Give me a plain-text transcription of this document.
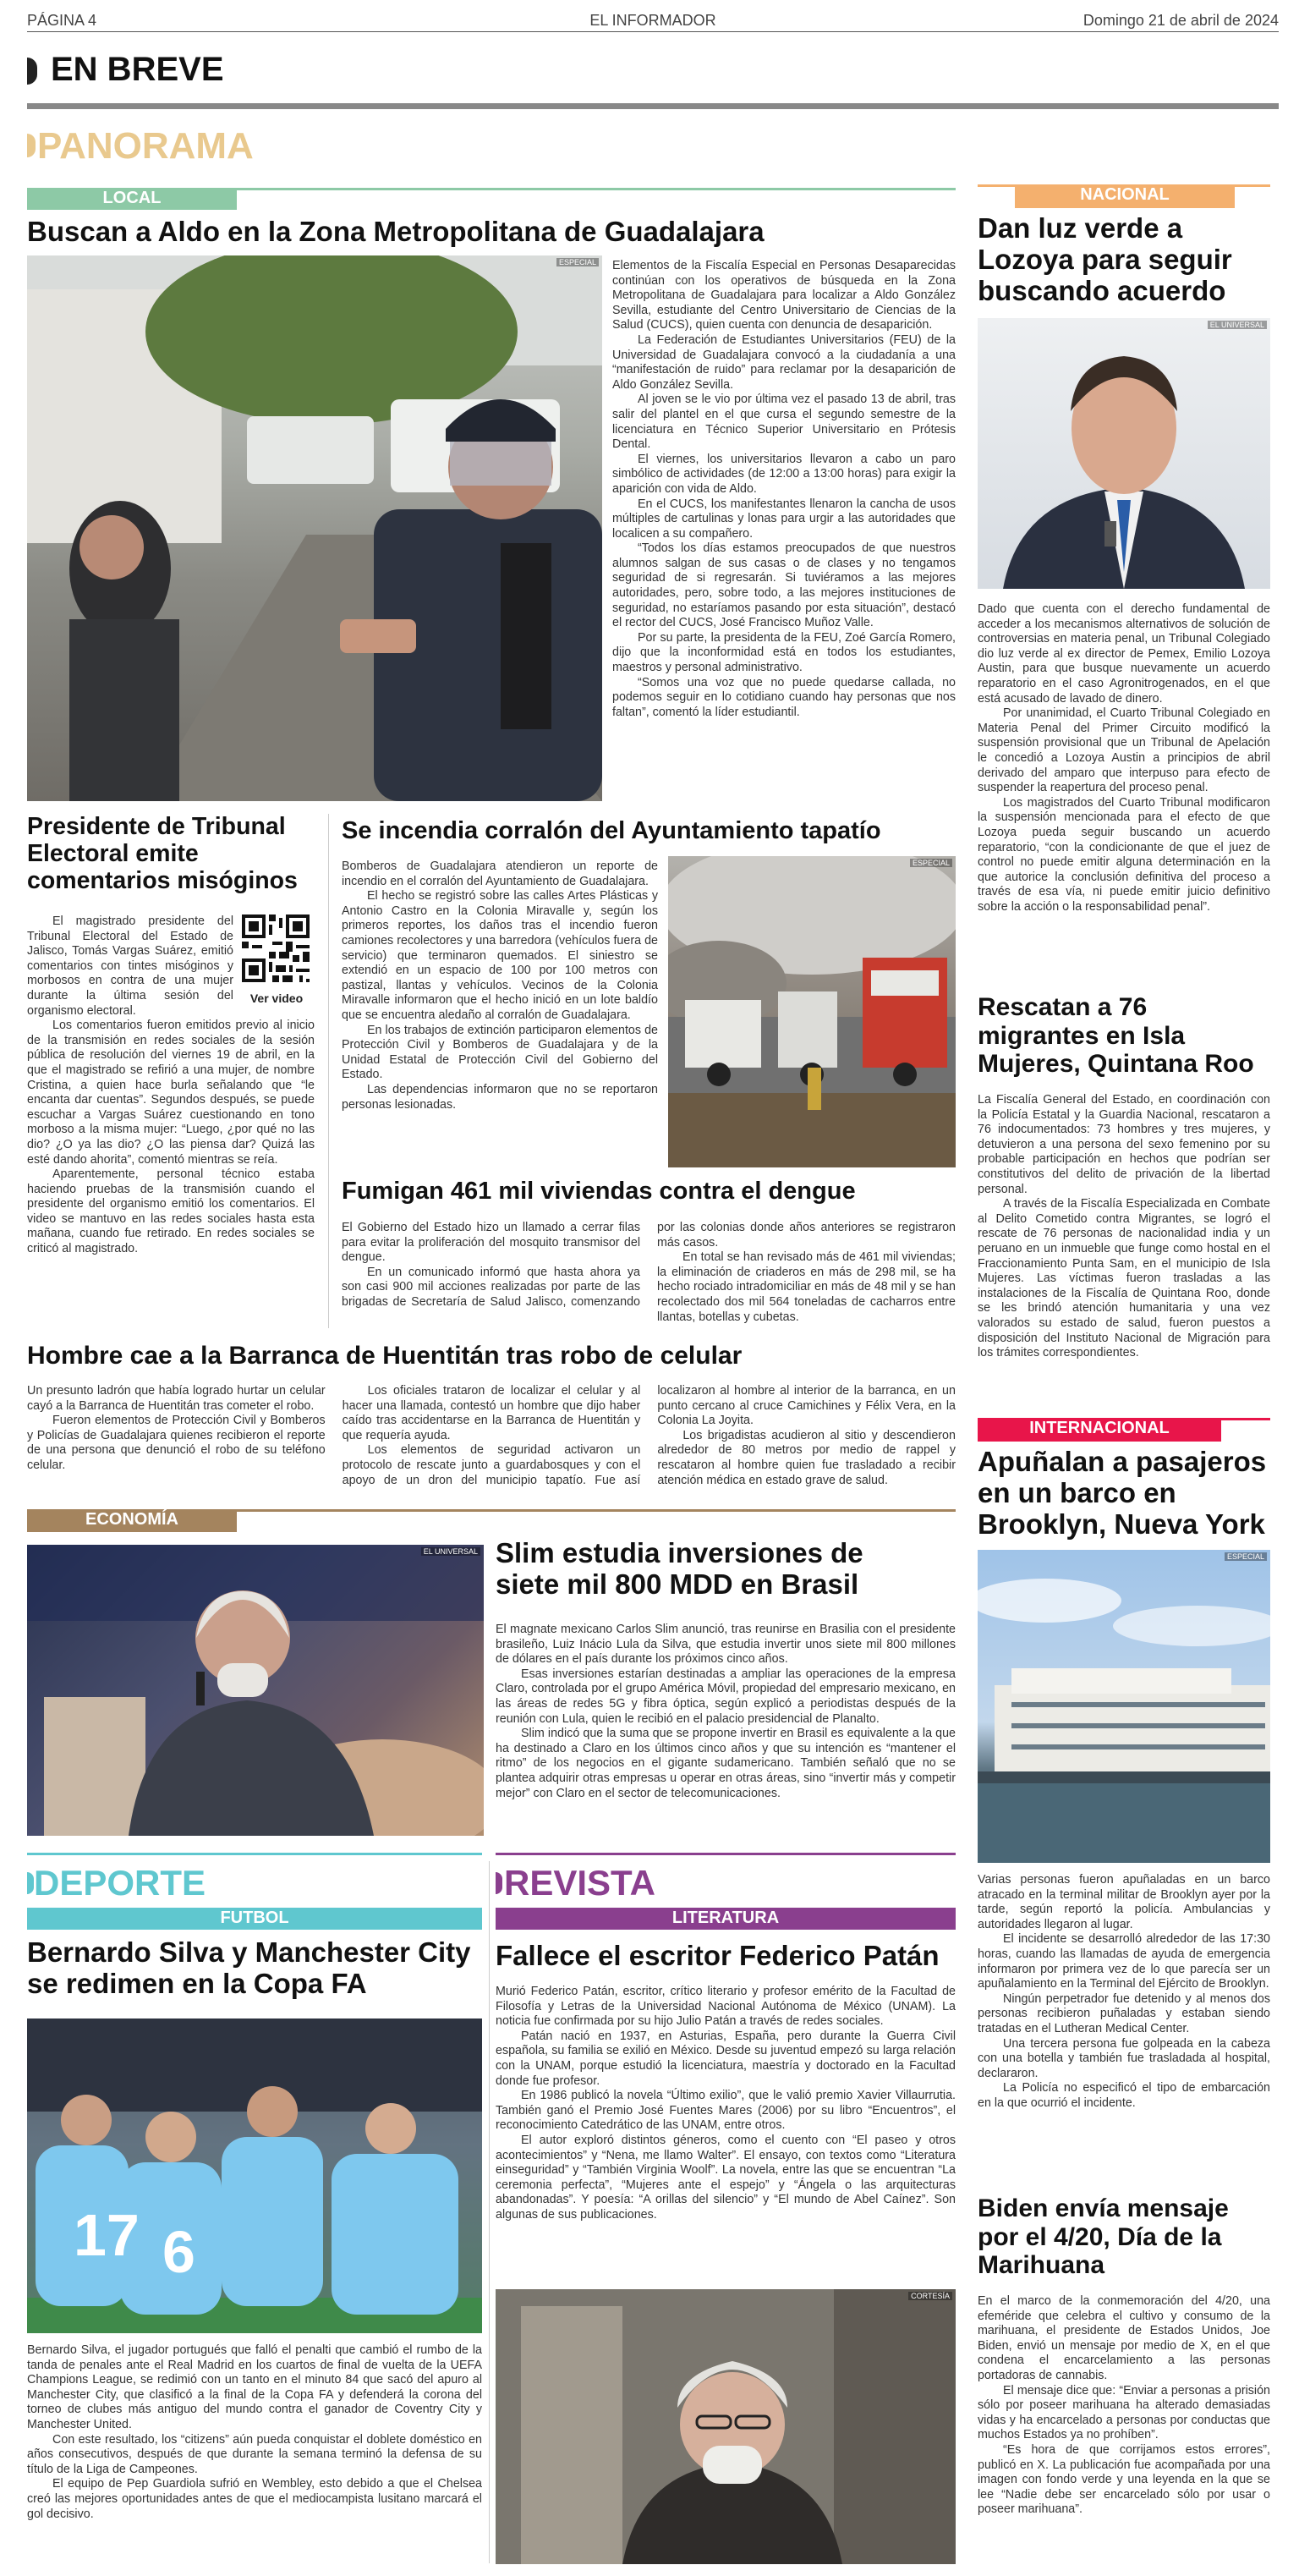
PÁGINA 4	EL INFORMADOR	Domingo 21 de abril de 2024
EN BREVE
PANORAMA
LOCAL
Buscan a Aldo en la Zona Metropolitana de Guadalajara
ESPECIAL Elementos de la Fiscalía Especial en Personas Desaparecidas continúan con los operativos de búsqueda en la Zona Metropolitana de Guadalajara para localizar a Aldo González Sevilla, estudiante del Centro Universitario de Ciencias de la Salud (CUCS), quien cuenta con denuncia de desaparición.

La Federación de Estudiantes Universitarios (FEU) de la Universidad de Guadalajara convocó a la ciudadanía a una “manifestación de ruido” para reclamar por la desaparición de Aldo González Sevilla.

Al joven se le vio por última vez el pasado 13 de abril, tras salir del plantel en el que cursa el segundo semestre de la licenciatura en Técnico Superior Universitario en Prótesis Dental.

El viernes, los universitarios llevaron a cabo un paro simbólico de actividades (de 12:00 a 13:00 horas) para exigir la aparición con vida de Aldo.

En el CUCS, los manifestantes llenaron la cancha de usos múltiples de cartulinas y lonas para urgir a las autoridades que localicen a su compañero.

“Todos los días estamos preocupados de que nuestros alumnos salgan de sus casas o de clases y no tengamos seguridad de si regresarán. Si tuviéramos a las mejores autoridades, pero, sobre todo, a las mejores instituciones de seguridad, no estaríamos pasando por esta situación”, destacó el rector del CUCS, José Francisco Muñoz Valle.

Por su parte, la presidenta de la FEU, Zoé García Romero, dijo que la inconformidad está en todos los estudiantes, maestros y personal administrativo.

“Somos una voz que no puede quedarse callada, no podemos seguir en lo cotidiano cuando hay personas que nos faltan”, comentó la líder estudiantil.

Presidente de Tribunal Electoral emite comentarios misóginos
Ver video

El magistrado presidente del Tribunal Electoral del Estado de Jalisco, Tomás Vargas Suárez, emitió comentarios con tintes misóginos y morbosos en contra de una mujer durante la última sesión del organismo electoral.

Los comentarios fueron emitidos previo al inicio de la transmisión en redes sociales de la sesión pública de resolución del viernes 19 de abril, en la que el magistrado se refirió a una mujer, de nombre Cristina, a quien hace burla señalando que “le encanta dar cuentas”. Segundos después, se puede escuchar a Vargas Suárez cuestionando en tono morboso a la misma mujer: “Luego, ¿por qué no las dio? ¿O ya las dio? ¿O las piensa dar? Quizá las esté dando ahorita”, comentó mientras se reía.

Aparentemente, personal técnico estaba haciendo pruebas de la transmisión cuando el presidente del organismo emitió los comentarios. El video se mantuvo en las redes sociales hasta esta mañana, cuando fue retirado. En redes sociales se criticó al magistrado.

Se incendia corralón del Ayuntamiento tapatío
ESPECIAL

Bomberos de Guadalajara atendieron un reporte de incendio en el corralón del Ayuntamiento de Guadalajara.

El hecho se registró sobre las calles Artes Plásticas y Antonio Castro en la Colonia Miravalle y, según los primeros reportes, los daños tras el incendio fueron camiones recolectores y una barredora (vehículos fuera de servicio) que terminaron quemados. El siniestro se extendió en un espacio de 100 por 100 metros con pastizal, llantas y vehículos. Vecinos de la Colonia Miravalle informaron que el hecho inició en un lote baldío que se encuentra aledaño al corralón de Guadalajara.

En los trabajos de extinción participaron elementos de Protección Civil y Bomberos de Guadalajara y de la Unidad Estatal de Protección Civil del Gobierno del Estado.

Las dependencias informaron que no se reportaron personas lesionadas.

Fumigan 461 mil viviendas contra el dengue

El Gobierno del Estado hizo un llamado a cerrar filas para evitar la proliferación del mosquito transmisor del dengue.

En un comunicado informó que hasta ahora ya son casi 900 mil acciones realizadas por parte de las brigadas de Secretaría de Salud Jalisco, comenzando por las colonias donde años anteriores se registraron más casos.

En total se han revisado más de 461 mil viviendas; la eliminación de criaderos en más de 298 mil, se ha hecho rociado intradomiciliar en más de 48 mil y se han recolectado dos mil 564 toneladas de cacharros entre llantas, botellas y cubetas.

Hombre cae a la Barranca de Huentitán tras robo de celular

Un presunto ladrón que había logrado hurtar un celular cayó a la Barranca de Huentitán tras cometer el robo.

Fueron elementos de Protección Civil y Bomberos y Policías de Guadalajara quienes recibieron el reporte de una persona que denunció el robo de su teléfono celular.

Los oficiales trataron de localizar el celular y al hacer una llamada, contestó un hombre que dijo haber caído tras accidentarse en la Barranca de Huentitán y que requería ayuda.

Los elementos de seguridad activaron un protocolo de rescate junto a guardabosques y con el apoyo de un dron del municipio tapatío. Fue así localizaron al hombre al interior de la barranca, en un punto cercano al cruce Camichines y Félix Vera, en la Colonia La Joyita.

Los brigadistas acudieron al sitio y descendieron alrededor de 80 metros por medio de rappel y rescataron al hombre quien fue trasladado a recibir atención médica en estado grave de salud.

ECONOMÍA
EL UNIVERSAL Slim estudia inversiones de siete mil 800 MDD en Brasil

El magnate mexicano Carlos Slim anunció, tras reunirse en Brasilia con el presidente brasileño, Luiz Inácio Lula da Silva, que estudia invertir unos siete mil 800 millones de dólares en el país durante los próximos cinco años.

Esas inversiones estarían destinadas a ampliar las operaciones de la empresa Claro, controlada por el grupo América Móvil, propiedad del empresario mexicano, en las áreas de redes 5G y fibra óptica, según explicó a periodistas después de la reunión con Lula, quien le recibió en el palacio presidencial de Planalto.

Slim indicó que la suma que se propone invertir en Brasil es equivalente a la que ha destinado a Claro en los últimos cinco años y que su intención es “mantener el ritmo” de los negocios en el gigante sudamericano. También señaló que no se plantea adquirir otras empresas u operar en otras áreas, sino “invertir más y competir mejor” con Claro en el sector de telecomunicaciones.

DEPORTE
FUTBOL
Bernardo Silva y Manchester City se redimen en la Copa FA
17 6

Bernardo Silva, el jugador portugués que falló el penalti que cambió el rumbo de la tanda de penales ante el Real Madrid en los cuartos de final de vuelta de la UEFA Champions League, se redimió con un tanto en el minuto 84 que sacó del apuro al Manchester City, que clasificó a la final de la Copa FA y defenderá la corona del torneo de clubes más antiguo del mundo contra el ganador de Coventry City y Manchester United.

Con este resultado, los “citizens” aún pueda conquistar el doblete doméstico en años consecutivos, después de que durante la semana terminó la defensa de su título de la Liga de Campeones.

El equipo de Pep Guardiola sufrió en Wembley, esto debido a que el Chelsea creó las mejores oportunidades antes de que el mediocampista lusitano marcará el gol decisivo.

REVISTA
LITERATURA
Fallece el escritor Federico Patán

Murió Federico Patán, escritor, crítico literario y profesor emérito de la Facultad de Filosofía y Letras de la Universidad Nacional Autónoma de México (UNAM). La noticia fue confirmada por su hijo Julio Patán a través de redes sociales.

Patán nació en 1937, en Asturias, España, pero durante la Guerra Civil española, su familia se exilió en México. Desde su juventud empezó su larga relación con la UNAM, porque estudió la licenciatura, maestría y doctorado en la Facultad donde fue profesor.

En 1986 publicó la novela “Último exilio”, que le valió premio Xavier Villaurrutia. También ganó el Premio José Fuentes Mares (2006) por su libro “Encuentros”, el reconocimiento Catedrático de las UNAM, entre otros.

El autor exploró distintos géneros, como el cuento con “El paseo y otros acontecimientos” y “Nena, me llamo Walter”. El ensayo, con textos como “Literatura einseguridad” y “También Virginia Woolf”. La novela, entre las que se encuentran “La ceremonia perfecta”, “Mujeres ante el espejo” y “Ángela o las arquitecturas abandonadas”. Y poesía: “A orillas del silencio” y “El mundo de Abel Caínez”. Son algunas de sus publicaciones.

CORTESÍA
NACIONAL
Dan luz verde a Lozoya para seguir buscando acuerdo
EL UNIVERSAL

Dado que cuenta con el derecho fundamental de acceder a los mecanismos alternativos de solución de controversias en materia penal, un Tribunal Colegiado dio luz verde al ex director de Pemex, Emilio Lozoya Austin, para que busque nuevamente un acuerdo reparatorio en el caso Agronitrogenados, en el que está acusado de lavado de dinero.

Por unanimidad, el Cuarto Tribunal Colegiado en Materia Penal del Primer Circuito modificó la suspensión provisional que un Tribunal de Apelación le concedió a Lozoya Austin a principios de abril derivado del amparo que interpuso para efecto de suspender la reapertura del proceso penal.

Los magistrados del Cuarto Tribunal modificaron la suspensión mencionada para el efecto de que Lozoya pueda seguir buscando un acuerdo reparatorio, “con la condicionante de que el juez de control no puede emitir alguna determinación en la que autorice la conclusión definitiva del proceso a través de esa vía, ni puede emitir juicio definitivo sobre la acción o la responsabilidad penal”.

Rescatan a 76 migrantes en Isla Mujeres, Quintana Roo

La Fiscalía General del Estado, en coordinación con la Policía Estatal y la Guardia Nacional, rescataron a 76 indocumentados: 73 hombres y tres mujeres, y detuvieron a una persona del sexo femenino por su probable participación en hechos que podrían ser constitutivos del delito de privación de la libertad personal.

A través de la Fiscalía Especializada en Combate al Delito Cometido contra Migrantes, se logró el rescate de 76 personas de nacionalidad india y un peruano en un inmueble que funge como hostal en el Fraccionamiento Punta Sam, en el municipio de Isla Mujeres. Las víctimas fueron trasladas a las instalaciones de la Fiscalía de Quintana Roo, donde se les brindó atención humanitaria y una vez valorados su estado de salud, fueron puestos a disposición del Instituto Nacional de Migración para los trámites correspondientes.

INTERNACIONAL
Apuñalan a pasajeros en un barco en Brooklyn, Nueva York
ESPECIAL

Varias personas fueron apuñaladas en un barco atracado en la terminal militar de Brooklyn ayer por la tarde, según reportó la policía. Ambulancias y autoridades llegaron al lugar.

El incidente se desarrolló alrededor de las 17:30 horas, cuando las llamadas de ayuda de emergencia informaron por primera vez de lo que parecía ser un apuñalamiento en la Terminal del Ejército de Brooklyn.

Ningún perpetrador fue detenido y al menos dos personas recibieron puñaladas y estaban siendo tratadas en el Lutheran Medical Center.

Una tercera persona fue golpeada en la cabeza con una botella y también fue trasladada al hospital, declararon.

La Policía no especificó el tipo de embarcación en la que ocurrió el incidente.

Biden envía mensaje por el 4/20, Día de la Marihuana

En el marco de la conmemoración del 4/20, una efeméride que celebra el cultivo y consumo de la marihuana, el presidente de Estados Unidos, Joe Biden, envió un mensaje por medio de X, en el que condena el encarcelamiento a las personas portadoras de cannabis.

El mensaje dice que: “Enviar a personas a prisión sólo por poseer marihuana ha alterado demasiadas vidas y ha encarcelado a personas por conductas que muchos Estados ya no prohíben”.

“Es hora de que corrijamos estos errores”, publicó en X. La publicación fue acompañada por una imagen con fondo verde y una leyenda en la que se lee “Nadie debe ser encarcelado sólo por usar o poseer marihuana”.
